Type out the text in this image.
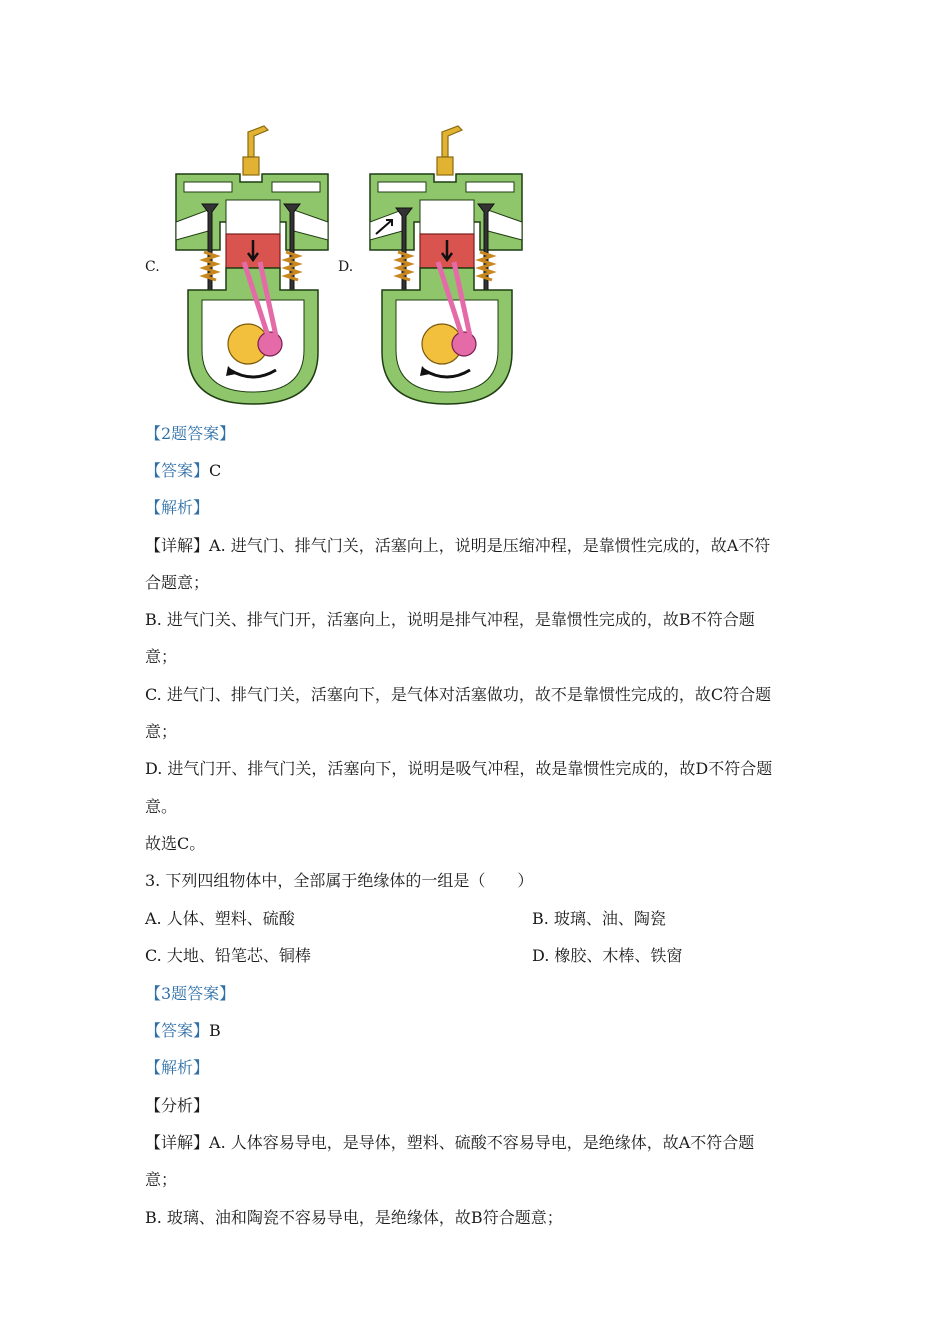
C.	D.
【2题答案】
【答案】C
【解析】
【详解】A. 进气门、排气门关，活塞向上，说明是压缩冲程，是靠惯性完成的，故A不符
合题意；
B. 进气门关、排气门开，活塞向上，说明是排气冲程，是靠惯性完成的，故B不符合题
意；
C. 进气门、排气门关，活塞向下，是气体对活塞做功，故不是靠惯性完成的，故C符合题
意；
D. 进气门开、排气门关，活塞向下，说明是吸气冲程，故是靠惯性完成的，故D不符合题
意。
故选C。
3. 下列四组物体中，全部属于绝缘体的一组是（　　）
A. 人体、塑料、硫酸	B. 玻璃、油、陶瓷
C. 大地、铅笔芯、铜棒	D. 橡胶、木棒、铁窗
【3题答案】
【答案】B
【解析】
【分析】
【详解】A. 人体容易导电，是导体，塑料、硫酸不容易导电，是绝缘体，故A不符合题
意；
B. 玻璃、油和陶瓷不容易导电，是绝缘体，故B符合题意；
